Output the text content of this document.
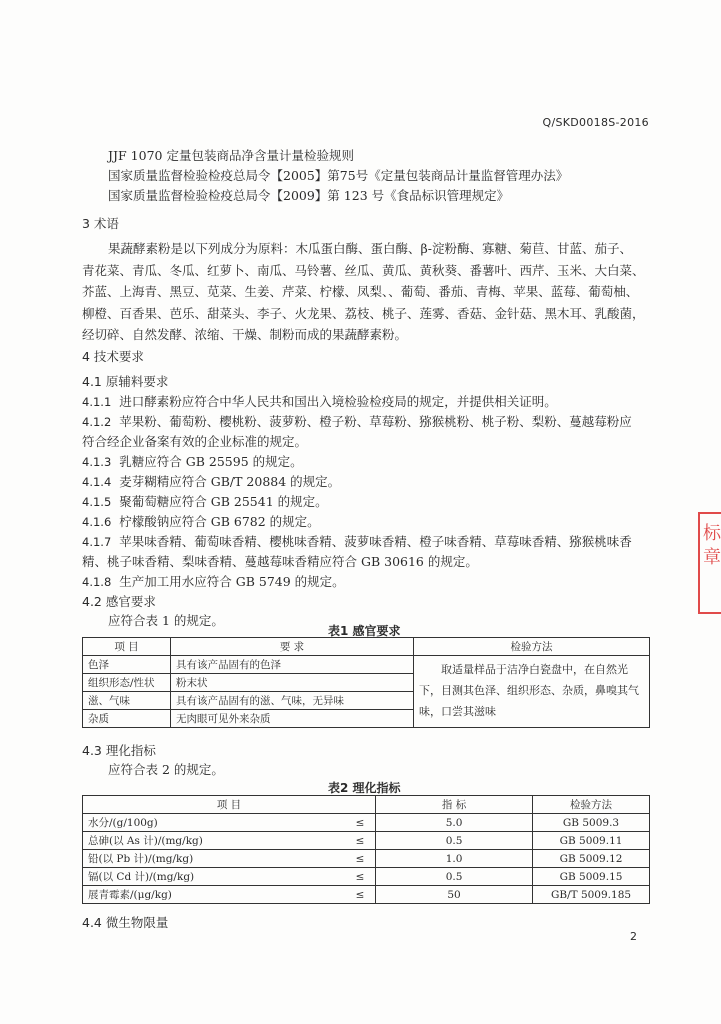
Q/SKD0018S-2016
JJF 1070 定量包装商品净含量计量检验规则
国家质量监督检验检疫总局令【2005】第75号《定量包装商品计量监督管理办法》
国家质量监督检验检疫总局令【2009】第 123 号《食品标识管理规定》
3 术语
果蔬酵素粉是以下列成分为原料：木瓜蛋白酶、蛋白酶、β-淀粉酶、寡糖、菊苣、甘蓝、茄子、
青花菜、青瓜、冬瓜、红萝卜、南瓜、马铃薯、丝瓜、黄瓜、黄秋葵、番薯叶、西芹、玉米、大白菜、
芥蓝、上海青、黑豆、苋菜、生姜、芹菜、柠檬、凤梨、、葡萄、番茄、青梅、苹果、蓝莓、葡萄柚、
柳橙、百香果、芭乐、甜菜头、李子、火龙果、荔枝、桃子、莲雾、香菇、金针菇、黑木耳、乳酸菌，
经切碎、自然发酵、浓缩、干燥、制粉而成的果蔬酵素粉。
4 技术要求
4.1 原辅料要求
4.1.1 进口酵素粉应符合中华人民共和国出入境检验检疫局的规定，并提供相关证明。
4.1.2 苹果粉、葡萄粉、樱桃粉、菠萝粉、橙子粉、草莓粉、猕猴桃粉、桃子粉、梨粉、蔓越莓粉应
符合经企业备案有效的企业标准的规定。
4.1.3 乳糖应符合 GB 25595 的规定。
4.1.4 麦芽糊精应符合 GB/T 20884 的规定。
4.1.5 聚葡萄糖应符合 GB 25541 的规定。
4.1.6 柠檬酸钠应符合 GB 6782 的规定。
4.1.7 苹果味香精、葡萄味香精、樱桃味香精、菠萝味香精、橙子味香精、草莓味香精、猕猴桃味香
精、桃子味香精、梨味香精、蔓越莓味香精应符合 GB 30616 的规定。
4.1.8 生产加工用水应符合 GB 5749 的规定。
4.2 感官要求
应符合表 1 的规定。
表1 感官要求
项 目	要 求	检验方法
色泽	具有该产品固有的色泽	取适量样品于洁净白瓷盘中，在自然光下，目测其色泽、组织形态、杂质，鼻嗅其气味，口尝其滋味
组织形态/性状	粉末状	
滋、气味	具有该产品固有的滋、气味，无异味	
杂质	无肉眼可见外来杂质	
4.3 理化指标
应符合表 2 的规定。
表2 理化指标
项 目		指 标	检验方法
水分/(g/100g)	≤	5.0	GB 5009.3
总砷(以 As 计)/(mg/kg)	≤	0.5	GB 5009.11
铅(以 Pb 计)/(mg/kg)	≤	1.0	GB 5009.12
镉(以 Cd 计)/(mg/kg)	≤	0.5	GB 5009.15
展青霉素/(μg/kg)	≤	50	GB/T 5009.185
4.4 微生物限量
2
标章
